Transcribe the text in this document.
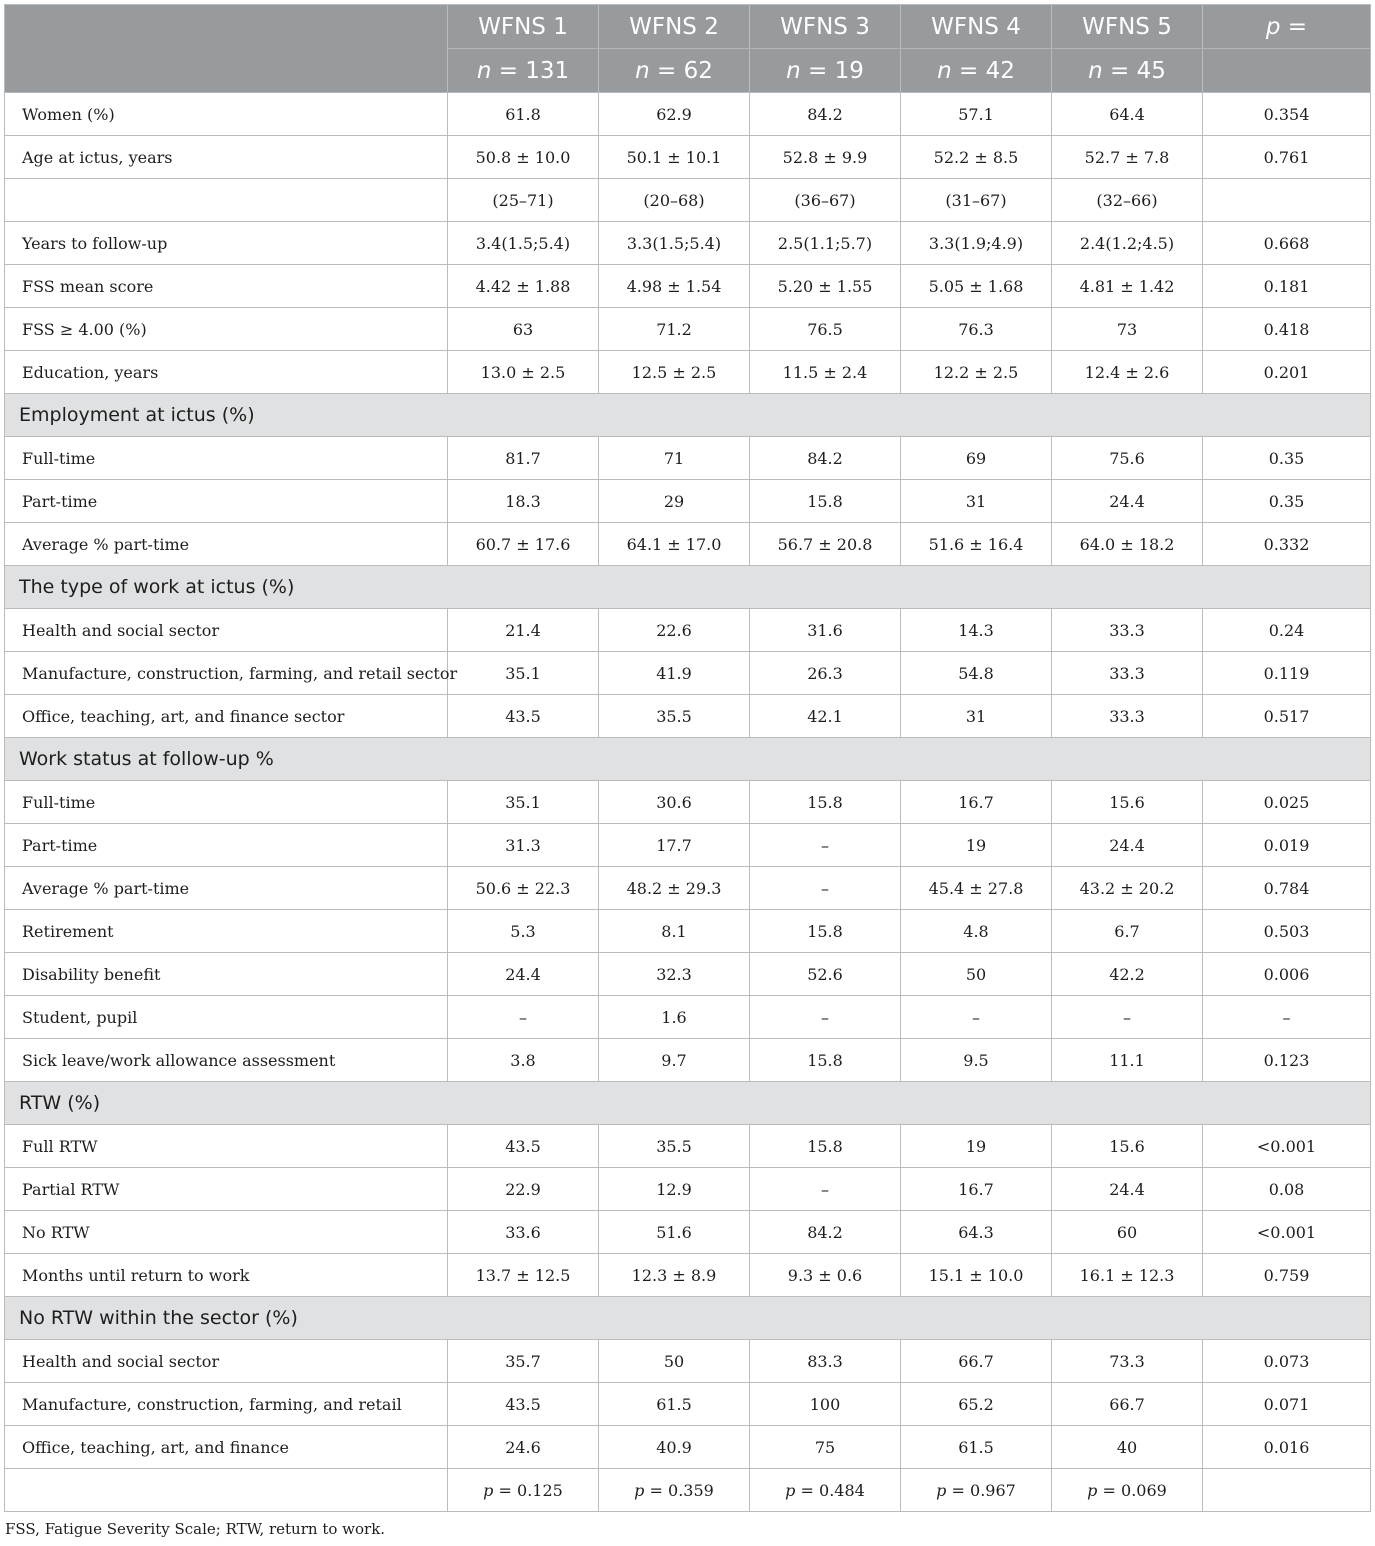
	WFNS 1	WFNS 2	WFNS 3	WFNS 4	WFNS 5	p =
	n = 131	n = 62	n = 19	n = 42	n = 45	
Women (%)	61.8	62.9	84.2	57.1	64.4	0.354
Age at ictus, years	50.8 ± 10.0	50.1 ± 10.1	52.8 ± 9.9	52.2 ± 8.5	52.7 ± 7.8	0.761
	(25–71)	(20–68)	(36–67)	(31–67)	(32–66)	
Years to follow-up	3.4(1.5;5.4)	3.3(1.5;5.4)	2.5(1.1;5.7)	3.3(1.9;4.9)	2.4(1.2;4.5)	0.668
FSS mean score	4.42 ± 1.88	4.98 ± 1.54	5.20 ± 1.55	5.05 ± 1.68	4.81 ± 1.42	0.181
FSS ≥ 4.00 (%)	63	71.2	76.5	76.3	73	0.418
Education, years	13.0 ± 2.5	12.5 ± 2.5	11.5 ± 2.4	12.2 ± 2.5	12.4 ± 2.6	0.201
Employment at ictus (%)						
Full-time	81.7	71	84.2	69	75.6	0.35
Part-time	18.3	29	15.8	31	24.4	0.35
Average % part-time	60.7 ± 17.6	64.1 ± 17.0	56.7 ± 20.8	51.6 ± 16.4	64.0 ± 18.2	0.332
The type of work at ictus (%)						
Health and social sector	21.4	22.6	31.6	14.3	33.3	0.24
Manufacture, construction, farming, and retail sector	35.1	41.9	26.3	54.8	33.3	0.119
Office, teaching, art, and finance sector	43.5	35.5	42.1	31	33.3	0.517
Work status at follow-up %						
Full-time	35.1	30.6	15.8	16.7	15.6	0.025
Part-time	31.3	17.7	–	19	24.4	0.019
Average % part-time	50.6 ± 22.3	48.2 ± 29.3	–	45.4 ± 27.8	43.2 ± 20.2	0.784
Retirement	5.3	8.1	15.8	4.8	6.7	0.503
Disability benefit	24.4	32.3	52.6	50	42.2	0.006
Student, pupil	–	1.6	–	–	–	–
Sick leave/work allowance assessment	3.8	9.7	15.8	9.5	11.1	0.123
RTW (%)						
Full RTW	43.5	35.5	15.8	19	15.6	<0.001
Partial RTW	22.9	12.9	–	16.7	24.4	0.08
No RTW	33.6	51.6	84.2	64.3	60	<0.001
Months until return to work	13.7 ± 12.5	12.3 ± 8.9	9.3 ± 0.6	15.1 ± 10.0	16.1 ± 12.3	0.759
No RTW within the sector (%)						
Health and social sector	35.7	50	83.3	66.7	73.3	0.073
Manufacture, construction, farming, and retail	43.5	61.5	100	65.2	66.7	0.071
Office, teaching, art, and finance	24.6	40.9	75	61.5	40	0.016
	p = 0.125	p = 0.359	p = 0.484	p = 0.967	p = 0.069	
FSS, Fatigue Severity Scale; RTW, return to work.
